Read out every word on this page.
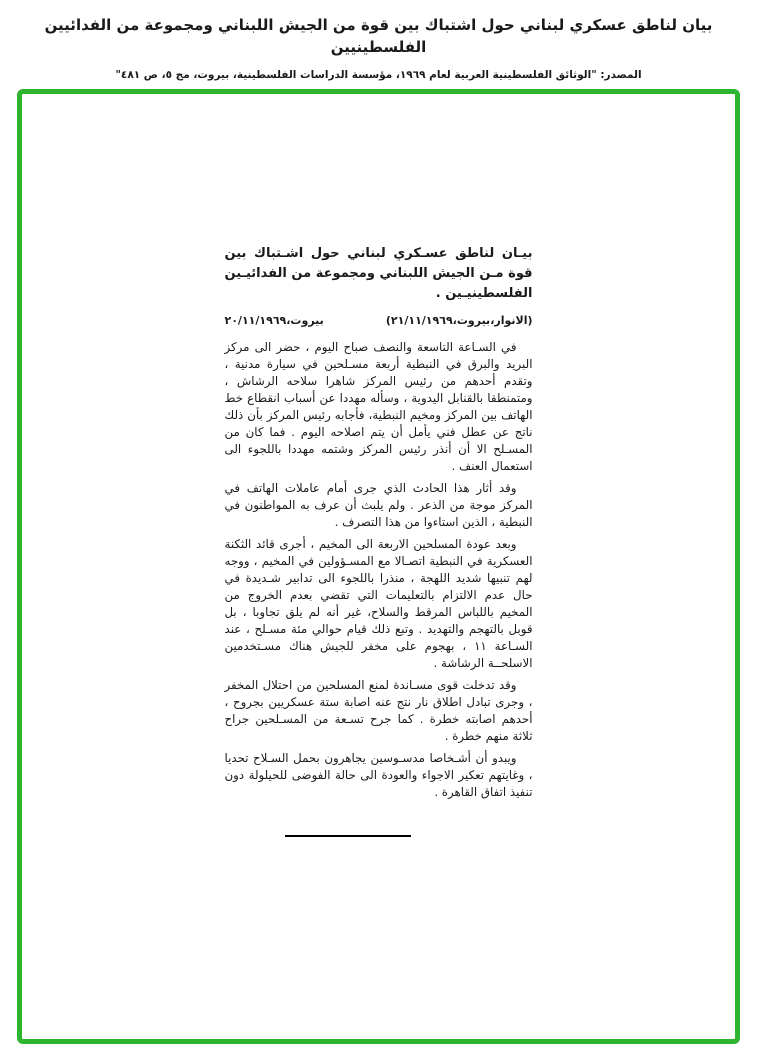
بيان لناطق عسكري لبناني حول اشتباك بين قوة من الجيش اللبناني ومجموعة من الفدائيين الفلسطينيين
المصدر: "الوثائق الفلسطينية العربية لعام ١٩٦٩، مؤسسة الدراسات الفلسطينية، بيروت، مج ٥، ص ٤٨١"
بيـان لناطق عسـكري لبناني حول اشـتباك بين قوة مـن الجيش اللبناني ومجموعة من الفدائيـين الفلسطينيـين .
(الانوار،بيروت،٢١/١١/١٩٦٩)
بيروت،٢٠/١١/١٩٦٩

في السـاعة التاسعة والنصف صباح اليوم ، حضر الى مركز البريد والبرق في النبطية أربعة مسـلحين في سيارة مدنية ، وتقدم أحدهم من رئيس المركز شاهرا سلاحه الرشاش ، ومتمنطقا بالقنابل اليدوية ، وسأله مهددا عن أسباب انقطاع خط الهاتف بين المركز ومخيم النبطية، فأجابه رئيس المركز بأن ذلك ناتج عن عطل فني يأمل أن يتم اصلاحه اليوم . فما كان من المسـلح الا أن أنذر رئيس المركز وشتمه مهددا باللجوء الى استعمال العنف .

وقد أثار هذا الحادث الذي جرى أمام عاملات الهاتف في المركز موجة من الذعر . ولم يلبث أن عرف به المواطنون في النبطية ، الذين استاءوا من هذا التصرف .

وبعد عودة المسلحين الاربعة الى المخيم ، أجرى قائد الثكنة العسكرية في النبطية اتصـالا مع المسـؤولين في المخيم ، ووجه لهم تنبيها شديد اللهجة ، منذرا باللجوء الى تدابير شـديدة في حال عدم الالتزام بالتعليمات التي تقضي بعدم الخروج من المخيم باللباس المرقط والسلاح، غير أنه لم يلق تجاوبا ، بل قوبل بالتهجم والتهديد . وتبع ذلك قيام حوالي مئة مسـلح ، عند السـاعة ١١ ، بهجوم على مخفر للجيش هناك مسـتخدمين الاسلحــة الرشاشة .

وقد تدخلت قوى مسـاندة لمنع المسلحين من احتلال المخفر ، وجرى تبادل اطلاق نار نتج عنه اصابة ستة عسكريين بجروح ، أحدهم اصابته خطرة . كما جرح تسـعة من المسـلحين جراح ثلاثة منهم خطرة .

ويبدو أن أشـخاصا مدسـوسين يجاهرون بحمل السـلاح تحديا ، وغايتهم تعكير الاجواء والعودة الى حالة الفوضى للحيلولة دون تنفيذ اتفاق القاهرة .
